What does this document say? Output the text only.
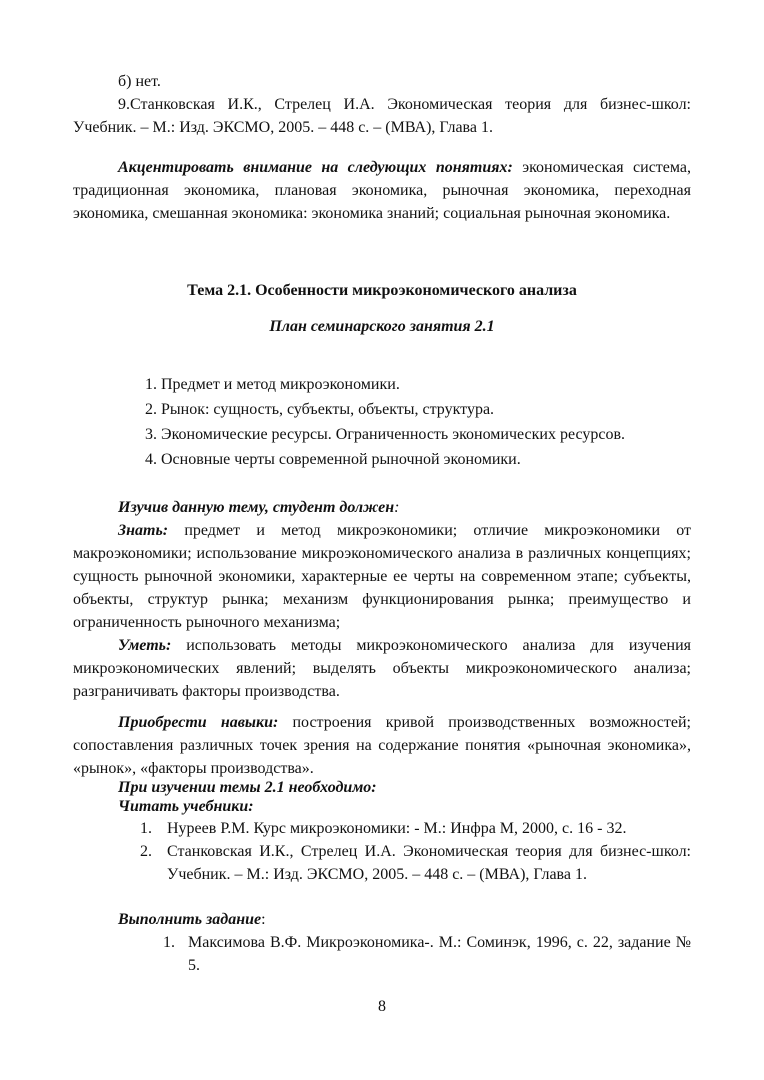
б) нет.

9.Станковская И.К., Стрелец И.А. Экономическая теория для бизнес-школ: Учебник. – М.: Изд. ЭКСМО, 2005. – 448 с. – (МВА), Глава 1.

Акцентировать внимание на следующих понятиях: экономическая система, традиционная экономика, плановая экономика, рыночная экономика, переходная экономика, смешанная экономика: экономика знаний; социальная рыночная экономика.

Тема 2.1. Особенности микроэкономического анализа
План семинарского занятия 2.1

1. Предмет и метод микроэкономики.

2. Рынок: сущность, субъекты, объекты, структура.

3. Экономические ресурсы. Ограниченность экономических ресурсов.

4. Основные черты современной рыночной экономики.

Изучив данную тему, студент должен:

Знать: предмет и метод микроэкономики; отличие микроэкономики от макроэкономики; использование микроэкономического анализа в различных концепциях; сущность рыночной экономики, характерные ее черты на современном этапе; субъекты, объекты, структур рынка; механизм функционирования рынка; преимущество и ограниченность рыночного механизма;

Уметь: использовать методы микроэкономического анализа для изучения микроэкономических явлений; выделять объекты микроэкономического анализа; разграничивать факторы производства.

Приобрести навыки: построения кривой производственных возможностей; сопоставления различных точек зрения на содержание понятия «рыночная экономика», «рынок», «факторы производства».

При изучении темы 2.1 необходимо:

Читать учебники:

1. Нуреев Р.М. Курс микроэкономики: - М.: Инфра М, 2000, с. 16 - 32.
2. Станковская И.К., Стрелец И.А. Экономическая теория для бизнес-школ: Учебник. – М.: Изд. ЭКСМО, 2005. – 448 с. – (МВА), Глава 1.

Выполнить задание:

1. Максимова В.Ф. Микроэкономика-. М.: Соминэк, 1996, с. 22, задание № 5.
8
